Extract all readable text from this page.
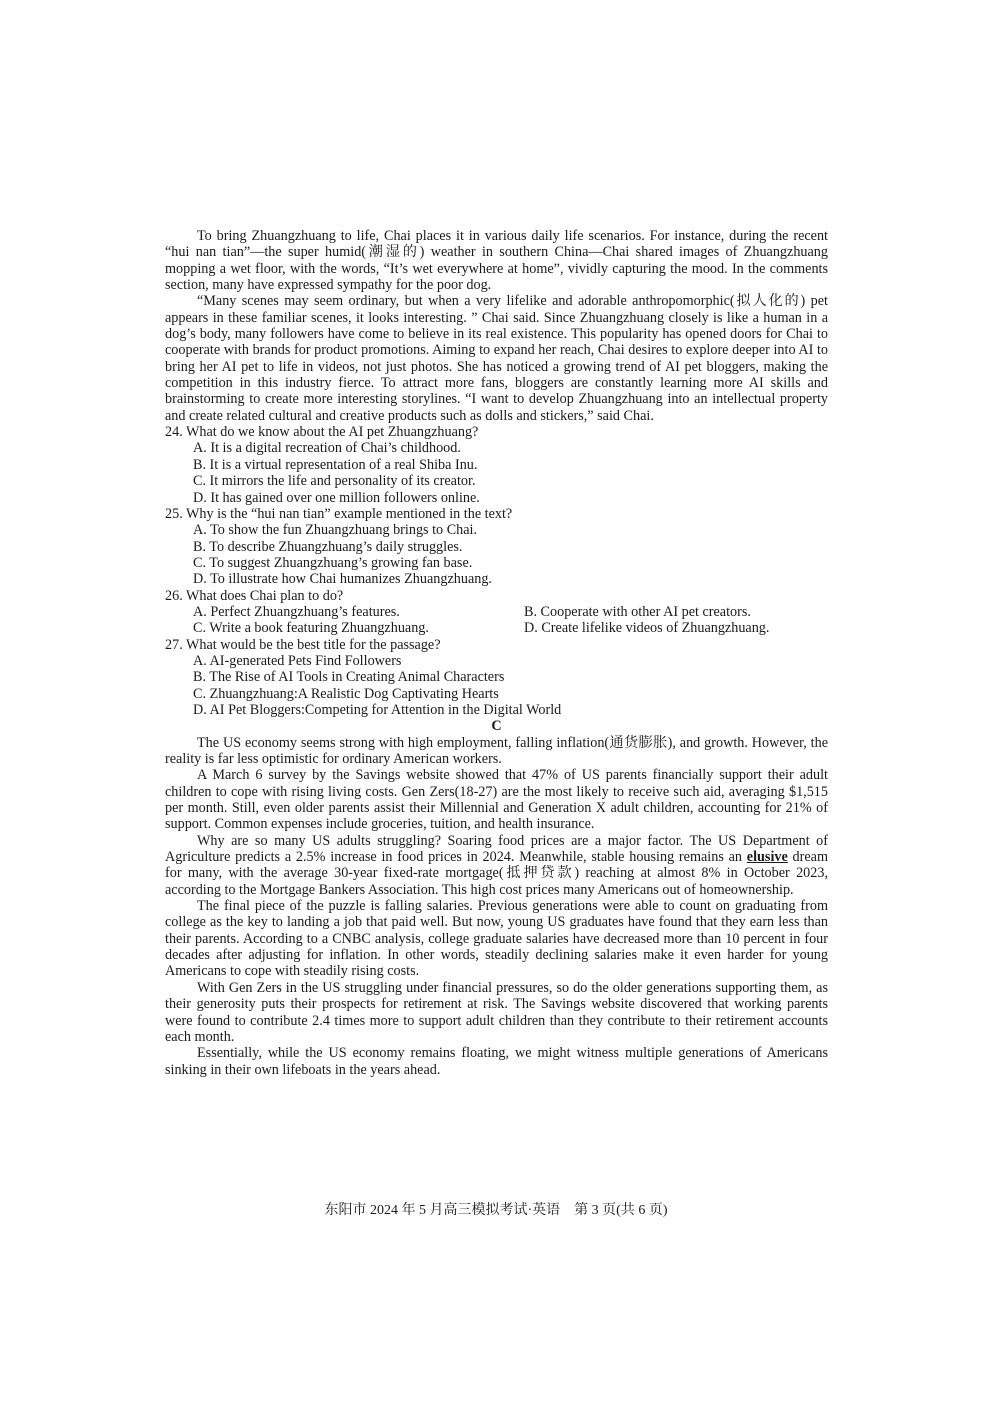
To bring Zhuangzhuang to life, Chai places it in various daily life scenarios. For instance, during the recent “hui nan tian”—the super humid(潮湿的) weather in southern China—Chai shared images of Zhuangzhuang mopping a wet floor, with the words, “It’s wet everywhere at home”, vividly capturing the mood. In the comments section, many have expressed sympathy for the poor dog.

“Many scenes may seem ordinary, but when a very lifelike and adorable anthropomorphic(拟人化的) pet appears in these familiar scenes, it looks interesting. ” Chai said. Since Zhuangzhuang closely is like a human in a dog’s body, many followers have come to believe in its real existence. This popularity has opened doors for Chai to cooperate with brands for product promotions. Aiming to expand her reach, Chai desires to explore deeper into AI to bring her AI pet to life in videos, not just photos. She has noticed a growing trend of AI pet bloggers, making the competition in this industry fierce. To attract more fans, bloggers are constantly learning more AI skills and brainstorming to create more interesting storylines. “I want to develop Zhuangzhuang into an intellectual property and create related cultural and creative products such as dolls and stickers,” said Chai.

24. What do we know about the AI pet Zhuangzhuang?
A. It is a digital recreation of Chai’s childhood.
B. It is a virtual representation of a real Shiba Inu.
C. It mirrors the life and personality of its creator.
D. It has gained over one million followers online.
25. Why is the “hui nan tian” example mentioned in the text?
A. To show the fun Zhuangzhuang brings to Chai.
B. To describe Zhuangzhuang’s daily struggles.
C. To suggest Zhuangzhuang’s growing fan base.
D. To illustrate how Chai humanizes Zhuangzhuang.
26. What does Chai plan to do?
A. Perfect Zhuangzhuang’s features.	B. Cooperate with other AI pet creators.
C. Write a book featuring Zhuangzhuang.	D. Create lifelike videos of Zhuangzhuang.
27. What would be the best title for the passage?
A. AI-generated Pets Find Followers
B. The Rise of AI Tools in Creating Animal Characters
C. Zhuangzhuang:A Realistic Dog Captivating Hearts
D. AI Pet Bloggers:Competing for Attention in the Digital World
C

The US economy seems strong with high employment, falling inflation(通货膨胀), and growth. However, the reality is far less optimistic for ordinary American workers.

A March 6 survey by the Savings website showed that 47% of US parents financially support their adult children to cope with rising living costs. Gen Zers(18-27) are the most likely to receive such aid, averaging $1,515 per month. Still, even older parents assist their Millennial and Generation X adult children, accounting for 21% of support. Common expenses include groceries, tuition, and health insurance.

Why are so many US adults struggling? Soaring food prices are a major factor. The US Department of Agriculture predicts a 2.5% increase in food prices in 2024. Meanwhile, stable housing remains an elusive dream for many, with the average 30-year fixed-rate mortgage(抵押贷款) reaching at almost 8% in October 2023, according to the Mortgage Bankers Association. This high cost prices many Americans out of homeownership.

The final piece of the puzzle is falling salaries. Previous generations were able to count on graduating from college as the key to landing a job that paid well. But now, young US graduates have found that they earn less than their parents. According to a CNBC analysis, college graduate salaries have decreased more than 10 percent in four decades after adjusting for inflation. In other words, steadily declining salaries make it even harder for young Americans to cope with steadily rising costs.

With Gen Zers in the US struggling under financial pressures, so do the older generations supporting them, as their generosity puts their prospects for retirement at risk. The Savings website discovered that working parents were found to contribute 2.4 times more to support adult children than they contribute to their retirement accounts each month.

Essentially, while the US economy remains floating, we might witness multiple generations of Americans sinking in their own lifeboats in the years ahead.

东阳市 2024 年 5 月高三模拟考试·英语　第 3 页(共 6 页)
